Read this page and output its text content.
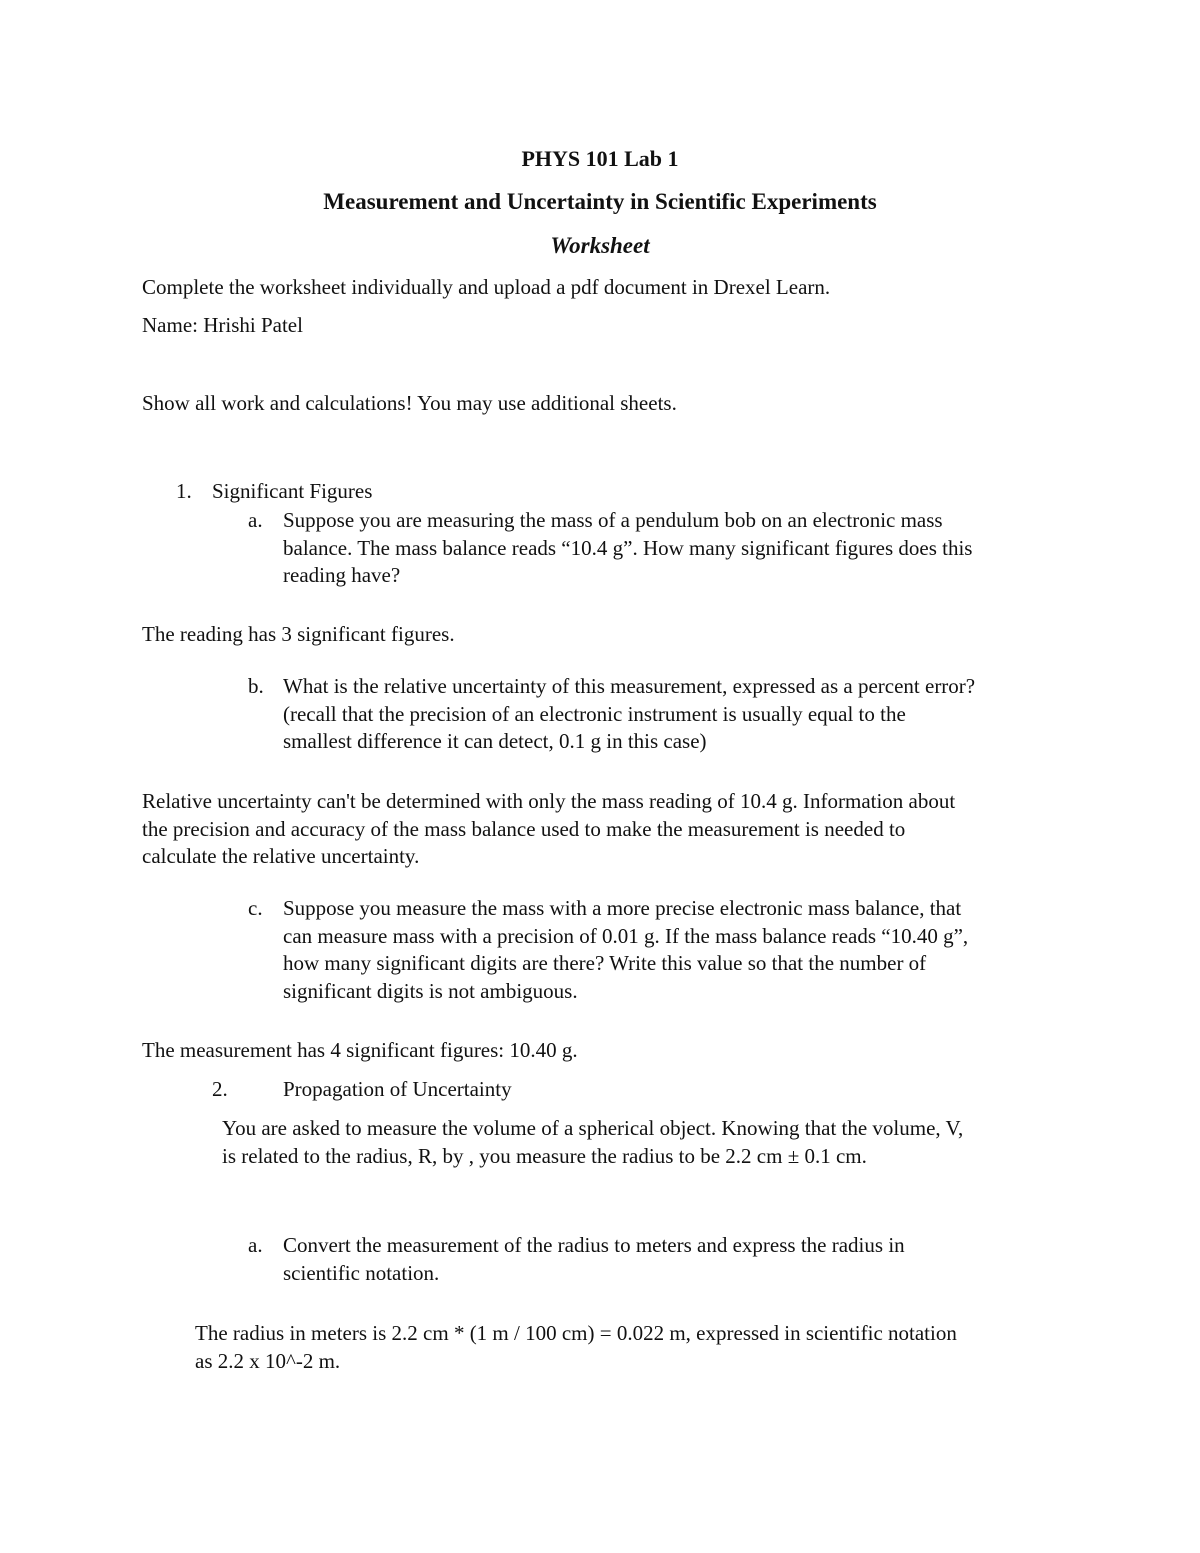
PHYS 101 Lab 1
Measurement and Uncertainty in Scientific Experiments
Worksheet
Complete the worksheet individually and upload a pdf document in Drexel Learn.
Name: Hrishi Patel
Show all work and calculations! You may use additional sheets.
1. Significant Figures
a. Suppose you are measuring the mass of a pendulum bob on an electronic mass
balance. The mass balance reads “10.4 g”. How many significant figures does this
reading have?
The reading has 3 significant figures.
b. What is the relative uncertainty of this measurement, expressed as a percent error?
(recall that the precision of an electronic instrument is usually equal to the
smallest difference it can detect, 0.1 g in this case)
Relative uncertainty can't be determined with only the mass reading of 10.4 g. Information about
the precision and accuracy of the mass balance used to make the measurement is needed to
calculate the relative uncertainty.
c. Suppose you measure the mass with a more precise electronic mass balance, that
can measure mass with a precision of 0.01 g. If the mass balance reads “10.40 g”,
how many significant digits are there? Write this value so that the number of
significant digits is not ambiguous.
The measurement has 4 significant figures: 10.40 g.
2.	Propagation of Uncertainty
You are asked to measure the volume of a spherical object. Knowing that the volume, V,
is related to the radius, R, by , you measure the radius to be 2.2 cm ± 0.1 cm.
a. Convert the measurement of the radius to meters and express the radius in
scientific notation.
The radius in meters is 2.2 cm * (1 m / 100 cm) = 0.022 m, expressed in scientific notation
as 2.2 x 10^-2 m.
